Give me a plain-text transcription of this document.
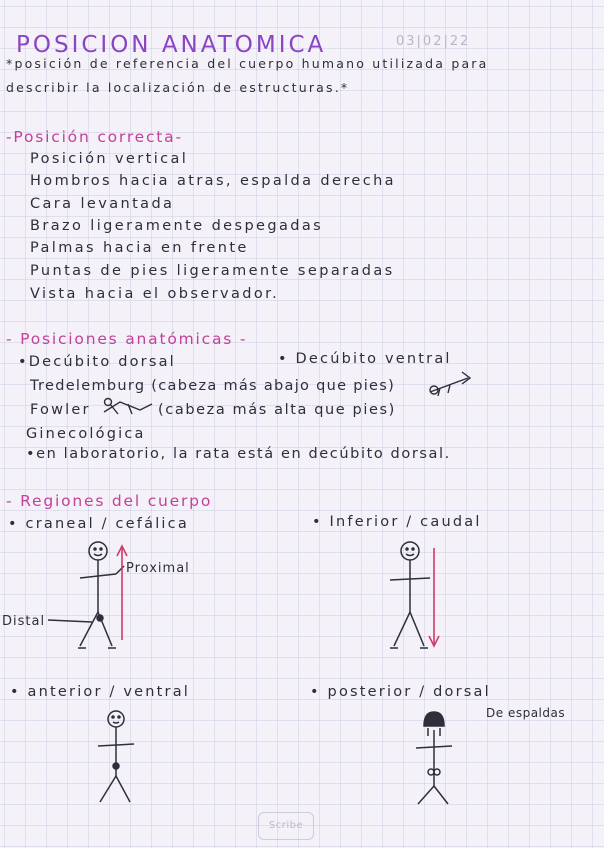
POSICION ANATOMICA	03|02|22
*posición de referencia del cuerpo humano utilizada para
describir la localización de estructuras.*
-Posición correcta-
Posición vertical
Hombros hacia atras, espalda derecha
Cara levantada
Brazo ligeramente despegadas
Palmas hacia en frente
Puntas de pies ligeramente separadas
Vista hacia el observador.
- Posiciones anatómicas -
•Decúbito dorsal	• Decúbito ventral
Tredelemburg (cabeza más abajo que pies)
Fowler	(cabeza más alta que pies)
Ginecológica
•en laboratorio, la rata está en decúbito dorsal.
- Regiones del cuerpo
• craneal / cefálica	• Inferior / caudal
Proximal
Distal
• anterior / ventral	• posterior / dorsal
De espaldas
Scribe
